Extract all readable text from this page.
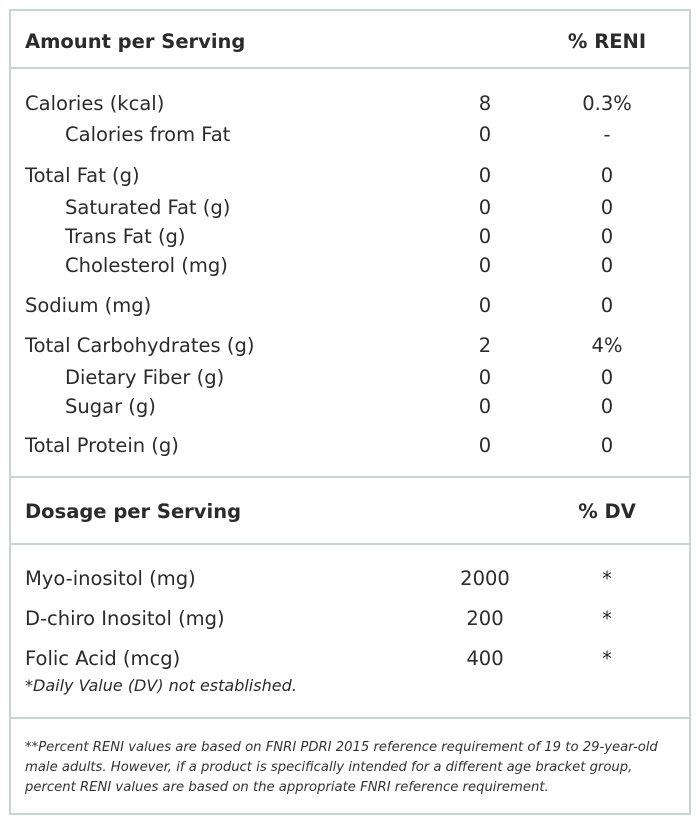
Amount per Serving	% RENI
Calories (kcal)	8	0.3%
Calories from Fat	0	-
Total Fat (g)	0	0
Saturated Fat (g)	0	0
Trans Fat (g)	0	0
Cholesterol (mg)	0	0
Sodium (mg)	0	0
Total Carbohydrates (g)	2	4%
Dietary Fiber (g)	0	0
Sugar (g)	0	0
Total Protein (g)	0	0
Dosage per Serving	% DV
Myo-inositol (mg)	2000	*
D-chiro Inositol (mg)	200	*
Folic Acid (mcg)	400	*
*Daily Value (DV) not established.
**Percent RENI values are based on FNRI PDRI 2015 reference requirement of 19 to 29-year-old male adults. However, if a product is specifically intended for a different age bracket group, percent RENI values are based on the appropriate FNRI reference requirement.
